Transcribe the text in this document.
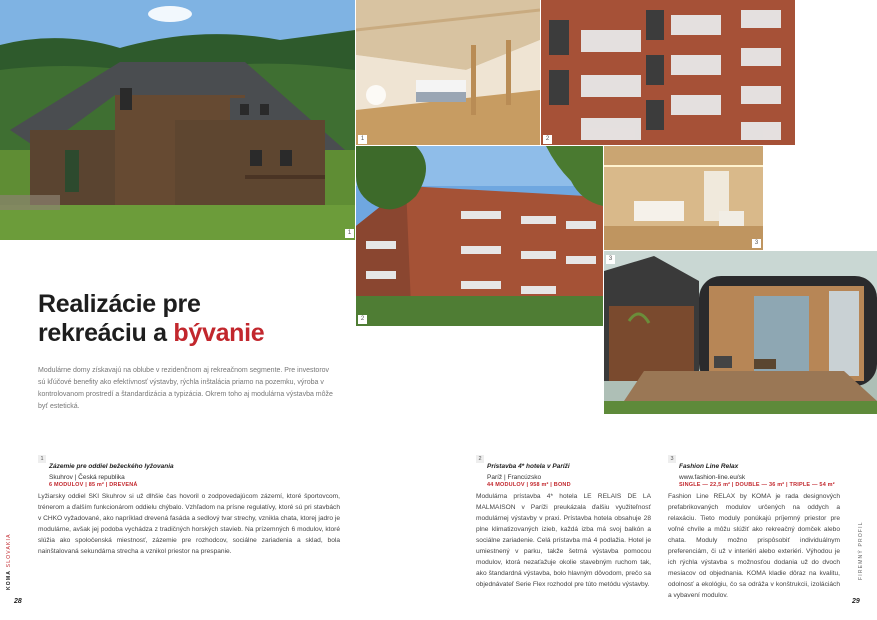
1
1	2
2
3
3
Realizácie pre
rekreáciu a bývanie
Modulárne domy získavajú na oblube v rezidenčnom aj rekreačnom segmente. Pre investorov sú kľúčové benefity ako efektívnosť výstavby, rýchla inštalácia priamo na pozemku, výroba v kontrolovanom prostredí a štandardizácia a typizácia. Okrem toho aj modulárna výstavba môže byť estetická.
1Zázemie pre oddiel bežeckého lyžovania
Skuhrov | Česká republika
6 MODULOV | 85 m² | DREVENÁ
Lyžiarsky oddiel SKI Skuhrov si už dlhšie čas hovoril o zodpovedajúcom zázemí, ktoré športovcom, trénerom a ďalším funkcionárom oddielu chýbalo. Vzhľadom na prísne regulatívy, ktoré sú pri stavbách v CHKO vyžadované, ako napríklad drevená fasáda a sedlový tvar strechy, vznikla chata, ktorej jadro je modulárne, avšak jej podoba vychádza z tradičných horských stavieb. Na prízemných 6 modulov, ktoré slúžia ako spoločenská miestnosť, zázemie pre rozhodcov, sociálne zariadenia a sklad, bola nainštalovaná sekundárna strecha a vznikol priestor na prespanie.
2Prístavba 4* hotela v Paríži
Paríž | Francúzsko
44 MODULOV | 958 m² | BOND
Modulárna prístavba 4* hotela LE RELAIS DE LA MALMAISON v Paríži preukázala ďalšiu využiteľnosť modulárnej výstavby v praxi. Prístavba hotela obsahuje 28 plne klimatizovaných izieb, každá izba má svoj balkón a sociálne zariadenie. Celá prístavba má 4 podlažia. Hotel je umiestnený v parku, takže šetrná výstavba pomocou modulov, ktorá nezaťažuje okolie stavebným ruchom tak, ako štandardná výstavba, bolo hlavným dôvodom, prečo sa objednávateľ Serie Flex rozhodol pre túto metódu výstavby.
3Fashion Line Relax
www.fashion-line.eu/sk
SINGLE — 22,5 m² | DOUBLE — 36 m² | TRIPLE — 54 m²
Fashion Line RELAX by KOMA je rada designových prefabrikovaných modulov určených na oddych a relaxáciu. Tieto moduly ponúkajú príjemný priestor pre voľné chvíle a môžu slúžiť ako rekreačný domček alebo chata. Moduly možno prispôsobiť individuálnym preferenciám, či už v interiéri alebo exteriéri. Výhodou je ich rýchla výstavba s možnosťou dodania už do dvoch mesiacov od objednania. KOMA kladie dôraz na kvalitu, odolnosť a ekológiu, čo sa odráža v konštrukcii, izoláciách a vybavení modulov.
KOMA SLOVAKIA
28
FIREMNÝ PROFIL
29
